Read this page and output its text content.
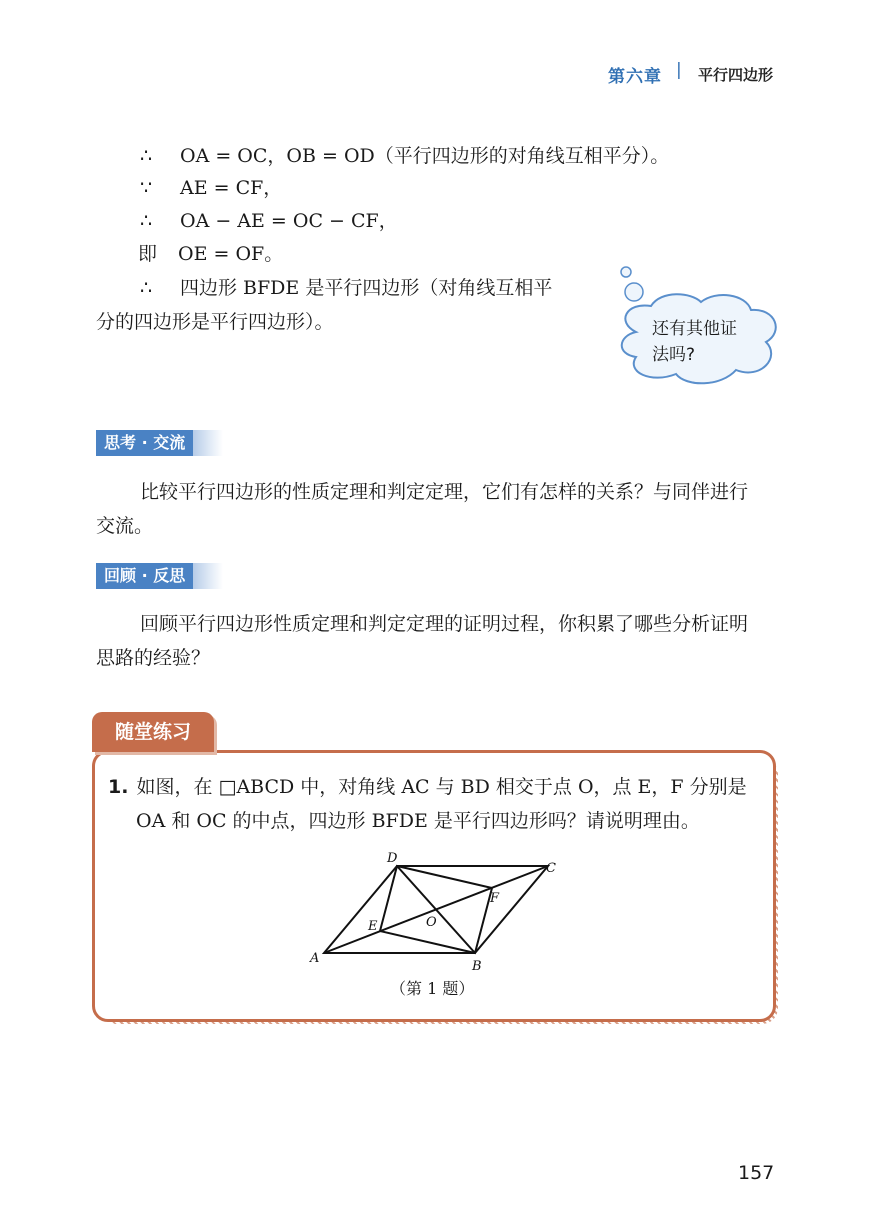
第六章 | 平行四边形
∴ OA = OC，OB = OD（平行四边形的对角线互相平分）。
∵ AE = CF，
∴ OA − AE = OC − CF，
即 OE = OF。
∴ 四边形 BFDE 是平行四边形（对角线互相平
分的四边形是平行四边形）。	还有其他证
法吗?
思考 · 交流
比较平行四边形的性质定理和判定定理，它们有怎样的关系？与同伴进行
交流。
回顾 · 反思
回顾平行四边形性质定理和判定定理的证明过程，你积累了哪些分析证明
思路的经验？
随堂练习
1. 如图，在 □ABCD 中，对角线 AC 与 BD 相交于点 O，点 E，F 分别是
OA 和 OC 的中点，四边形 BFDE 是平行四边形吗？请说明理由。
A
B
C
D
E
F
O
（第 1 题）
157
